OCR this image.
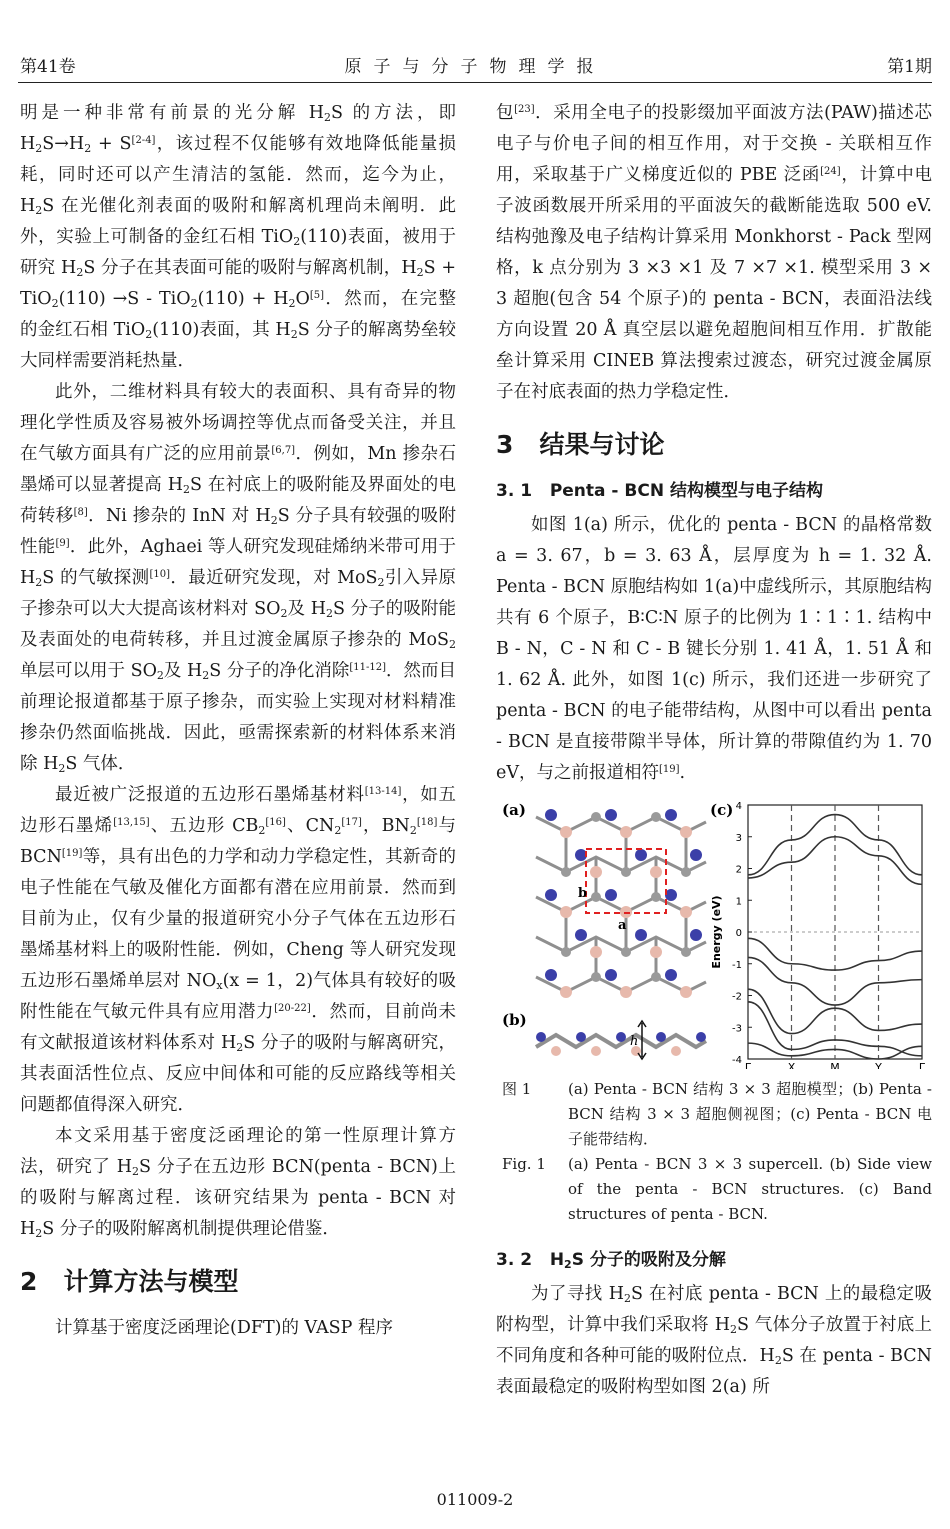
第41卷	原子与分子物理学报	第1期

明是一种非常有前景的光分解 $H_2S$ 的方法，即 $H_2S\to H_2 + S[2-4]$，该过程不仅能够有效地降低能量损耗，同时还可以产生清洁的氢能．然而，迄今为止，$H_2S$ 在光催化剂表面的吸附和解离机理尚未阐明．此外，实验上可制备的金红石相 TiO$_2$(110)表面，被用于研究 $H_2S$ 分子在其表面可能的吸附与解离机制，$H_2S + TiO_2(110) \to S - TiO_2(110) + H_2O[5]$．然而，在完整的金红石相 TiO$_2$(110)表面，其 $H_2S$ 分子的解离势垒较大同样需要消耗热量．

此外，二维材料具有较大的表面积、具有奇异的物理化学性质及容易被外场调控等优点而备受关注，并且在气敏方面具有广泛的应用前景[6,7]．例如，Mn 掺杂石墨烯可以显著提高 $H_2S$ 在衬底上的吸附能及界面处的电荷转移[8]．Ni 掺杂的 InN 对 $H_2S$ 分子具有较强的吸附性能[9]．此外，Aghaei 等人研究发现硅烯纳米带可用于 $H_2S$ 的气敏探测[10]．最近研究发现，对 MoS$_2$引入异原子掺杂可以大大提高该材料对 $SO_2$及 $H_2S$ 分子的吸附能及表面处的电荷转移，并且过渡金属原子掺杂的 MoS$_2$单层可以用于 $SO_2$及 $H_2S$ 分子的净化消除[11-12]．然而目前理论报道都基于原子掺杂，而实验上实现对材料精准掺杂仍然面临挑战．因此，亟需探索新的材料体系来消除 $H_2S$ 气体．

最近被广泛报道的五边形石墨烯基材料[13-14]，如五边形石墨烯[13,15]、五边形 $CB_2[16]$、$CN_2[17]$，$BN_2[18]$与 BCN[19]等，具有出色的力学和动力学稳定性，其新奇的电子性能在气敏及催化方面都有潜在应用前景．然而到目前为止，仅有少量的报道研究小分子气体在五边形石墨烯基材料上的吸附性能．例如，Cheng 等人研究发现五边形石墨烯单层对 $NO_x(x = 1$，2)气体具有较好的吸附性能在气敏元件具有应用潜力[20-22]．然而，目前尚未有文献报道该材料体系对 $H_2S$ 分子的吸附与解离研究，其表面活性位点、反应中间体和可能的反应路线等相关问题都值得深入研究．

本文采用基于密度泛函理论的第一性原理计算方法，研究了 $H_2S$ 分子在五边形 BCN(penta - BCN)上的吸附与解离过程．该研究结果为 penta - BCN 对 $H_2S$ 分子的吸附解离机制提供理论借鉴．

2 计算方法与模型

计算基于密度泛函理论(DFT)的 VASP 程序

包[23]．采用全电子的投影缀加平面波方法(PAW)描述芯电子与价电子间的相互作用，对于交换 - 关联相互作用，采取基于广义梯度近似的 PBE 泛函[24]，计算中电子波函数展开所采用的平面波矢的截断能选取 500 eV. 结构弛豫及电子结构计算采用 Monkhorst - Pack 型网格，k 点分别为 3 ×3 ×1 及 7 ×7 ×1. 模型采用 3 × 3 超胞(包含 54 个原子)的 penta - BCN，表面沿法线方向设置 20 Å 真空层以避免超胞间相互作用．扩散能垒计算采用 CINEB 算法搜索过渡态，研究过渡金属原子在衬底表面的热力学稳定性．

3 结果与讨论

3. 1 Penta - BCN 结构模型与电子结构

如图 1(a) 所示，优化的 penta - BCN 的晶格常数 a = 3. 67，b = 3. 63 Å，层厚度为 h = 1. 32 Å. Penta - BCN 原胞结构如 1(a)中虚线所示，其原胞结构共有 6 个原子，B∶C∶N 原子的比例为 1∶1∶1. 结构中 B - N，C - N 和 C - B 键长分别 1. 41 Å，1. 51 Å 和 1. 62 Å. 此外，如图 1(c) 所示，我们还进一步研究了 penta - BCN 的电子能带结构，从图中可以看出 penta - BCN 是直接带隙半导体，所计算的带隙值约为 1. 70 eV，与之前报道相符[19].

(a)
b
a
(b)
h
(c)
Γ	X	M	Y	Γ
4
3
2
1
0
-1
-2
-3
-4
Energy (eV)
图 1	(a) Penta - BCN 结构 3 × 3 超胞模型；(b) Penta - BCN 结构 3 × 3 超胞侧视图；(c) Penta - BCN 电子能带结构．
Fig. 1	(a) Penta - BCN 3 × 3 supercell. (b) Side view of the penta - BCN structures. (c) Band structures of penta - BCN.

3. 2 $H_2S$ 分子的吸附及分解

为了寻找 $H_2S$ 在衬底 penta - BCN 上的最稳定吸附构型，计算中我们采取将 $H_2S$ 气体分子放置于衬底上不同角度和各种可能的吸附位点．$H_2S$ 在 penta - BCN 表面最稳定的吸附构型如图 2(a) 所

011009-2
